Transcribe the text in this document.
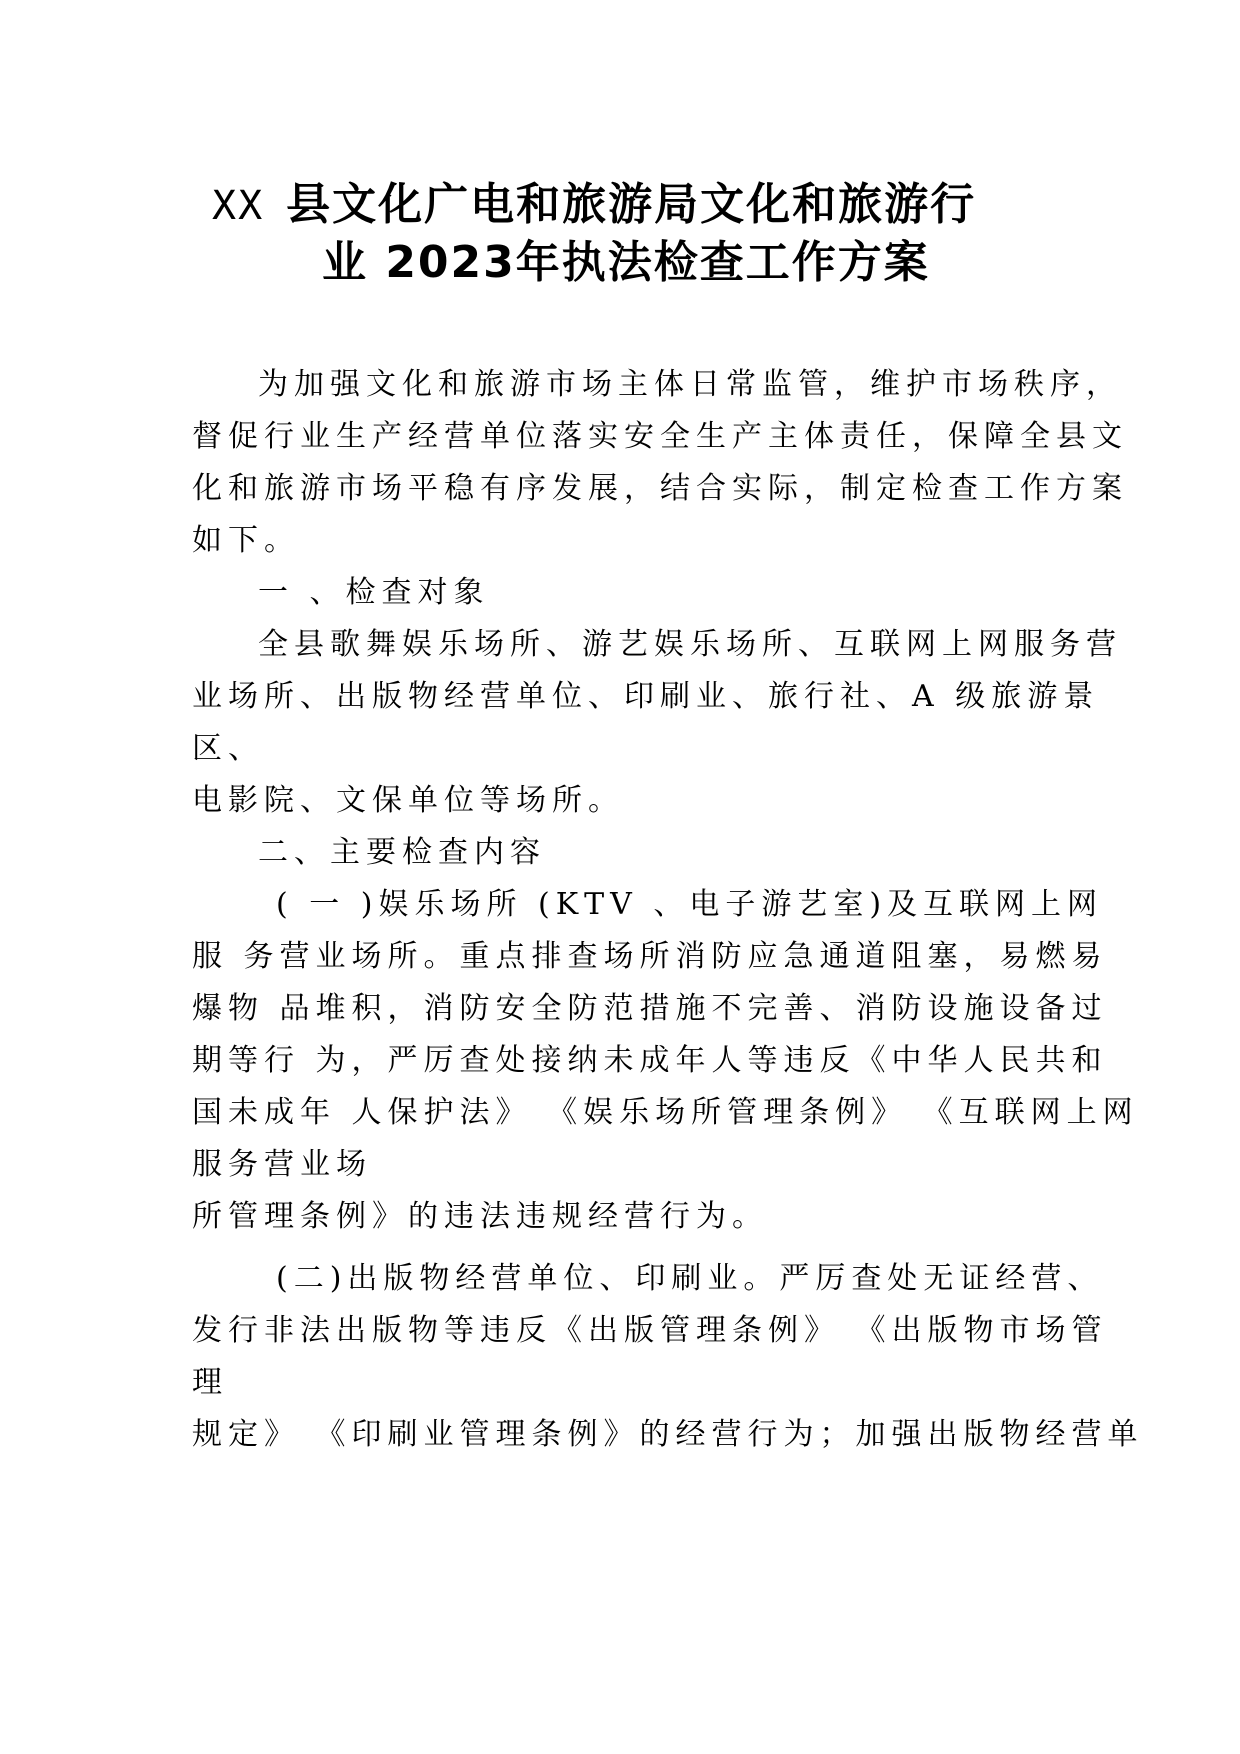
XX 县文化广电和旅游局文化和旅游行
业 2023年执法检查工作方案
为加强文化和旅游市场主体日常监管，维护市场秩序，
督促行业生产经营单位落实安全生产主体责任，保障全县文
化和旅游市场平稳有序发展，结合实际，制定检查工作方案
如下。
一 、检查对象
全县歌舞娱乐场所、游艺娱乐场所、互联网上网服务营
业场所、出版物经营单位、印刷业、旅行社、A 级旅游景
区、
电影院、文保单位等场所。
二、主要检查内容
( 一 )娱乐场所 (KTV 、电子游艺室)及互联网上网
服 务营业场所。重点排查场所消防应急通道阻塞，易燃易
爆物 品堆积，消防安全防范措施不完善、消防设施设备过
期等行 为，严厉查处接纳未成年人等违反《中华人民共和
国未成年 人保护法》 《娱乐场所管理条例》 《互联网上网
服务营业场
所管理条例》的违法违规经营行为。
(二)出版物经营单位、印刷业。严厉查处无证经营、
发行非法出版物等违反《出版管理条例》 《出版物市场管
理
规定》 《印刷业管理条例》的经营行为；加强出版物经营单
